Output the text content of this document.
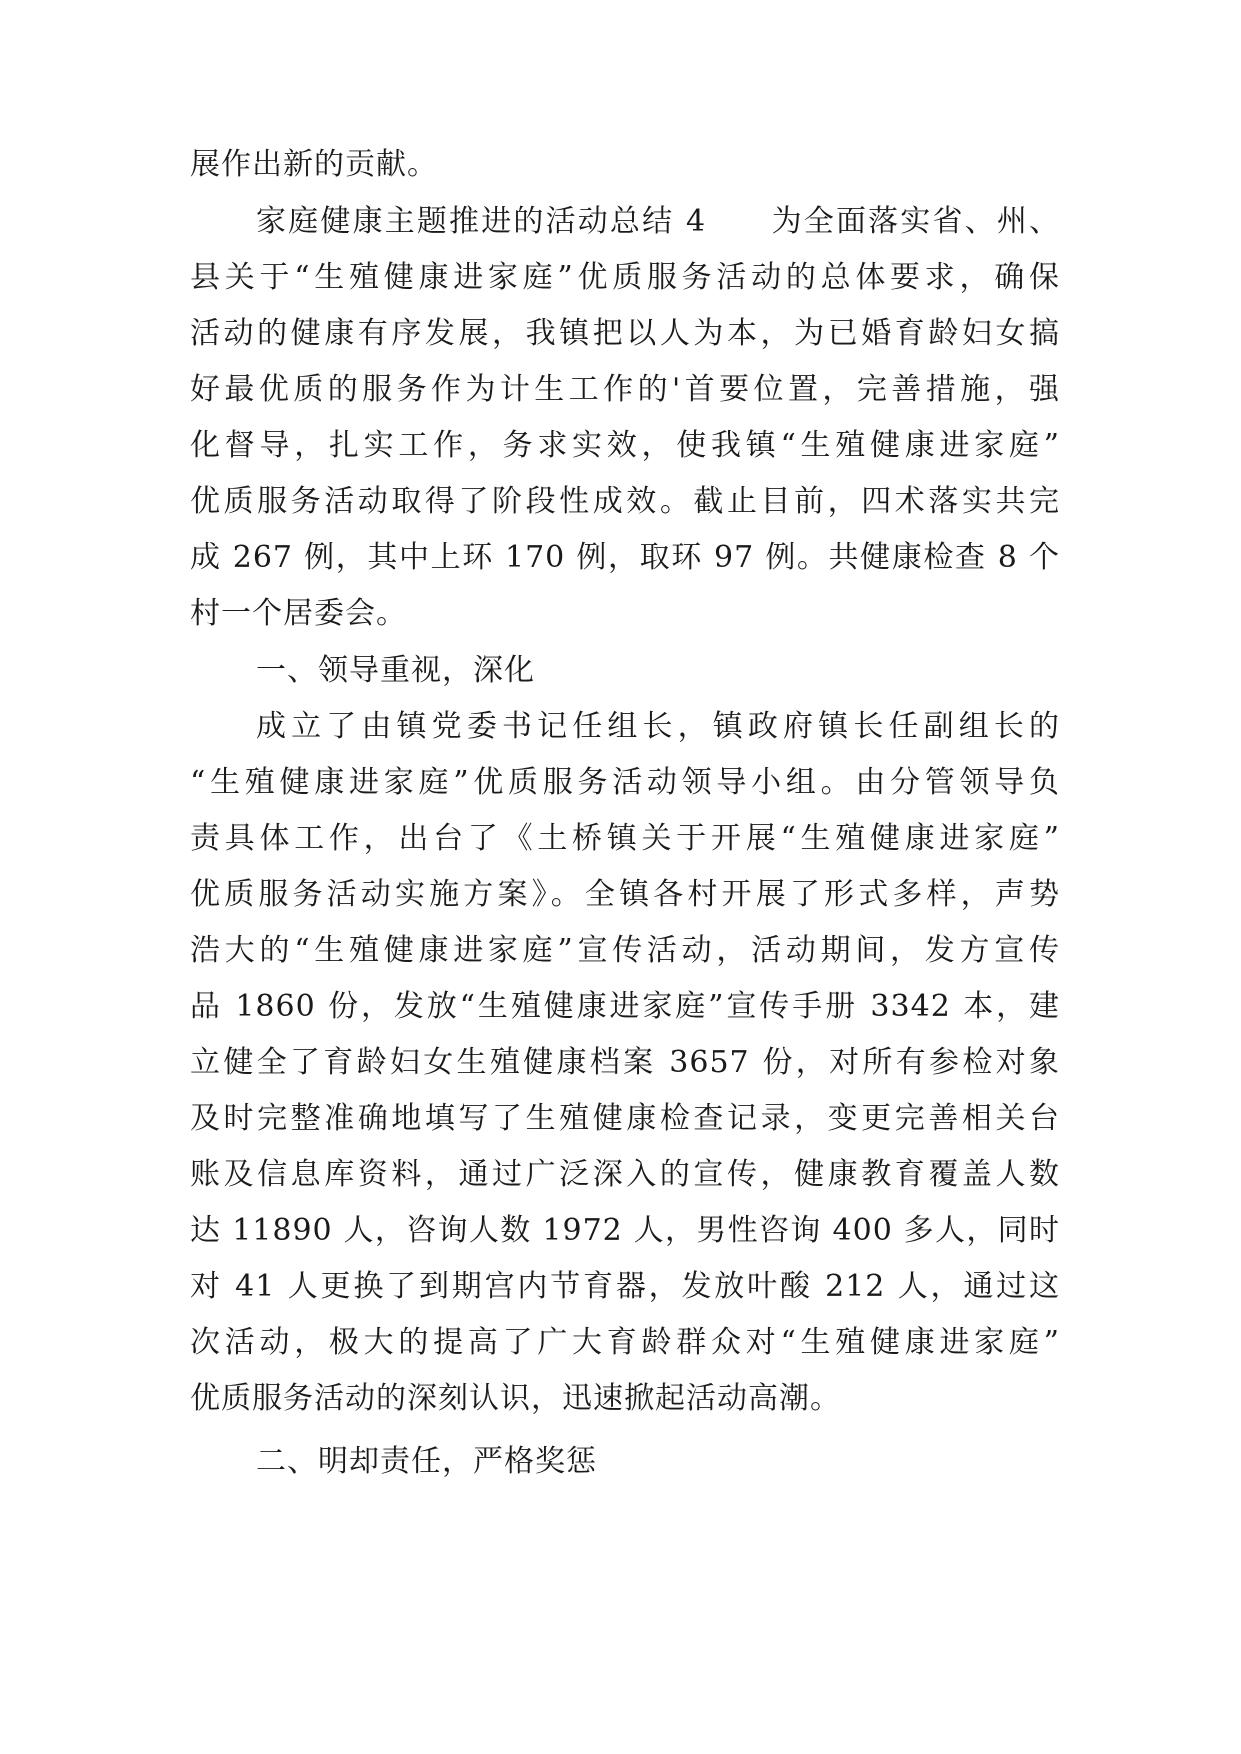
展作出新的贡献。
家庭健康主题推进的活动总结 4　　为全面落实省、州、
县关于“生殖健康进家庭”优质服务活动的总体要求，确保
活动的健康有序发展，我镇把以人为本，为已婚育龄妇女搞
好最优质的服务作为计生工作的'首要位置，完善措施，强
化督导，扎实工作，务求实效，使我镇“生殖健康进家庭”
优质服务活动取得了阶段性成效。截止目前，四术落实共完
成 267 例，其中上环 170 例，取环 97 例。共健康检查 8 个
村一个居委会。
一、领导重视，深化
成立了由镇党委书记任组长，镇政府镇长任副组长的
“生殖健康进家庭”优质服务活动领导小组。由分管领导负
责具体工作，出台了《土桥镇关于开展“生殖健康进家庭”
优质服务活动实施方案》。全镇各村开展了形式多样，声势
浩大的“生殖健康进家庭”宣传活动，活动期间，发方宣传
品 1860 份，发放“生殖健康进家庭”宣传手册 3342 本，建
立健全了育龄妇女生殖健康档案 3657 份，对所有参检对象
及时完整准确地填写了生殖健康检查记录，变更完善相关台
账及信息库资料，通过广泛深入的宣传，健康教育覆盖人数
达 11890 人，咨询人数 1972 人，男性咨询 400 多人，同时
对 41 人更换了到期宫内节育器，发放叶酸 212 人，通过这
次活动，极大的提高了广大育龄群众对“生殖健康进家庭”
优质服务活动的深刻认识，迅速掀起活动高潮。
二、明却责任，严格奖惩
